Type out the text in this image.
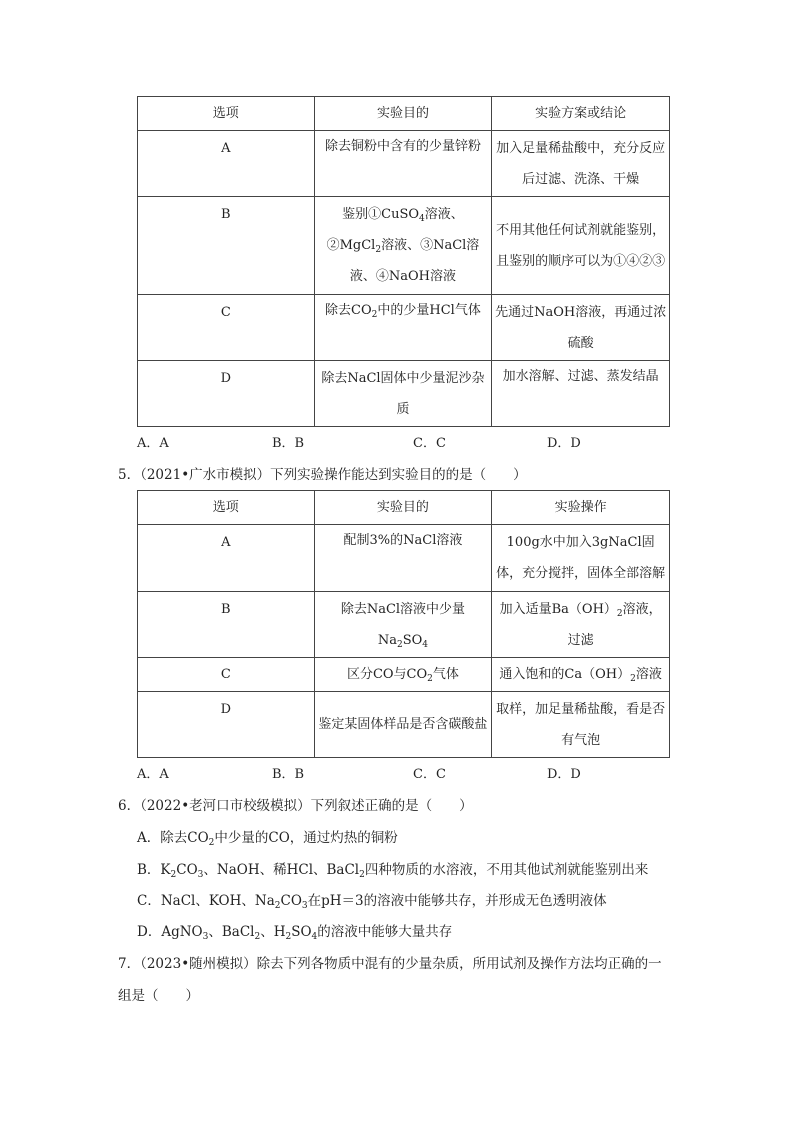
选项	实验目的	实验方案或结论
A	除去铜粉中含有的少量锌粉	加入足量稀盐酸中，充分反应后过滤、洗涤、干燥
B	鉴别①CuSO$_4$溶液、②MgCl$_2$溶液、③NaCl溶液、④NaOH溶液	不用其他任何试剂就能鉴别，且鉴别的顺序可以为①④②③
C	除去$CO_2$中的少量HCl气体	先通过NaOH溶液，再通过浓硫酸
D	除去NaCl固体中少量泥沙杂质	加水溶解、过滤、蒸发结晶
A．A	B．B	C．C	D．D
5．（2021•广水市模拟）下列实验操作能达到实验目的的是（　　）
选项	实验目的	实验操作
A	配制3%的NaCl溶液	100g水中加入3gNaCl固体，充分搅拌，固体全部溶解
B	除去NaCl溶液中少量$Na_2SO_4$	加入适量$Ba(OH)_2$溶液，过滤
C	区分CO与$CO_2$气体	通入饱和的$Ca(OH)_2$溶液
D	鉴定某固体样品是否含碳酸盐	取样，加足量稀盐酸，看是否有气泡
A．A	B．B	C．C	D．D
6．（2022•老河口市校级模拟）下列叙述正确的是（　　）
A．除去$CO_2$中少量的CO，通过灼热的铜粉
B．$K_2CO_3$、NaOH、稀HCl、BaCl$_2$四种物质的水溶液，不用其他试剂就能鉴别出来
C．NaCl、KOH、$Na_2CO_3$在pH＝3的溶液中能够共存，并形成无色透明液体
D．AgNO$_3$、BaCl$_2$、$H_2SO_4$的溶液中能够大量共存
7．（2023•随州模拟）除去下列各物质中混有的少量杂质，所用试剂及操作方法均正确的一
组是（　　）
